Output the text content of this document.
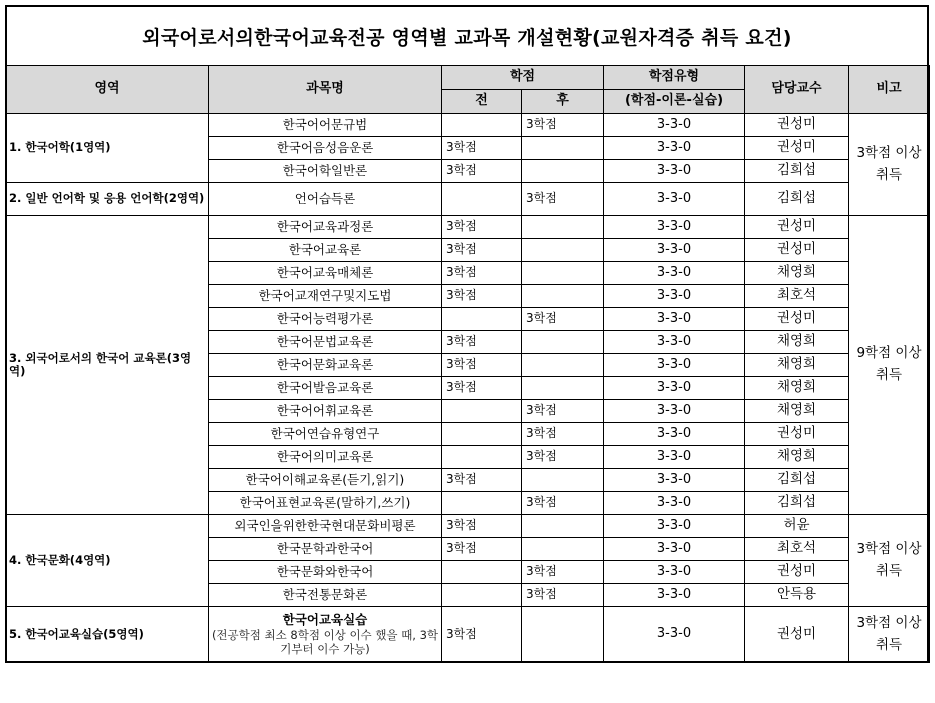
외국어로서의한국어교육전공 영역별 교과목 개설현황(교원자격증 취득 요건)
영역	과목명	학점		학점유형	담당교수	비고
		전	후	(학점-이론-실습)		
1. 한국어학(1영역)	한국어어문규범		3학점	3-3-0	권성미	3학점 이상 취득
	한국어음성음운론	3학점		3-3-0	권성미	
	한국어학일반론	3학점		3-3-0	김희섭	
2. 일반 언어학 및 응용 언어학(2영역)	언어습득론		3학점	3-3-0	김희섭	
3. 외국어로서의 한국어 교육론(3영역)	한국어교육과정론	3학점		3-3-0	권성미	9학점 이상 취득
	한국어교육론	3학점		3-3-0	권성미	
	한국어교육매체론	3학점		3-3-0	채영희	
	한국어교재연구및지도법	3학점		3-3-0	최호석	
	한국어능력평가론		3학점	3-3-0	권성미	
	한국어문법교육론	3학점		3-3-0	채영희	
	한국어문화교육론	3학점		3-3-0	채영희	
	한국어발음교육론	3학점		3-3-0	채영희	
	한국어어휘교육론		3학점	3-3-0	채영희	
	한국어연습유형연구		3학점	3-3-0	권성미	
	한국어의미교육론		3학점	3-3-0	채영희	
	한국어이해교육론(듣기,읽기)	3학점		3-3-0	김희섭	
	한국어표현교육론(말하기,쓰기)		3학점	3-3-0	김희섭	
4. 한국문화(4영역)	외국인을위한한국현대문화비평론	3학점		3-3-0	허윤	3학점 이상 취득
	한국문학과한국어	3학점		3-3-0	최호석	
	한국문화와한국어		3학점	3-3-0	권성미	
	한국전통문화론		3학점	3-3-0	안득용	
5. 한국어교육실습(5영역)	한국어교육실습
(전공학점 최소 8학점 이상 이수 했을 때, 3학기부터 이수 가능)	3학점		3-3-0	권성미	3학점 이상 취득
